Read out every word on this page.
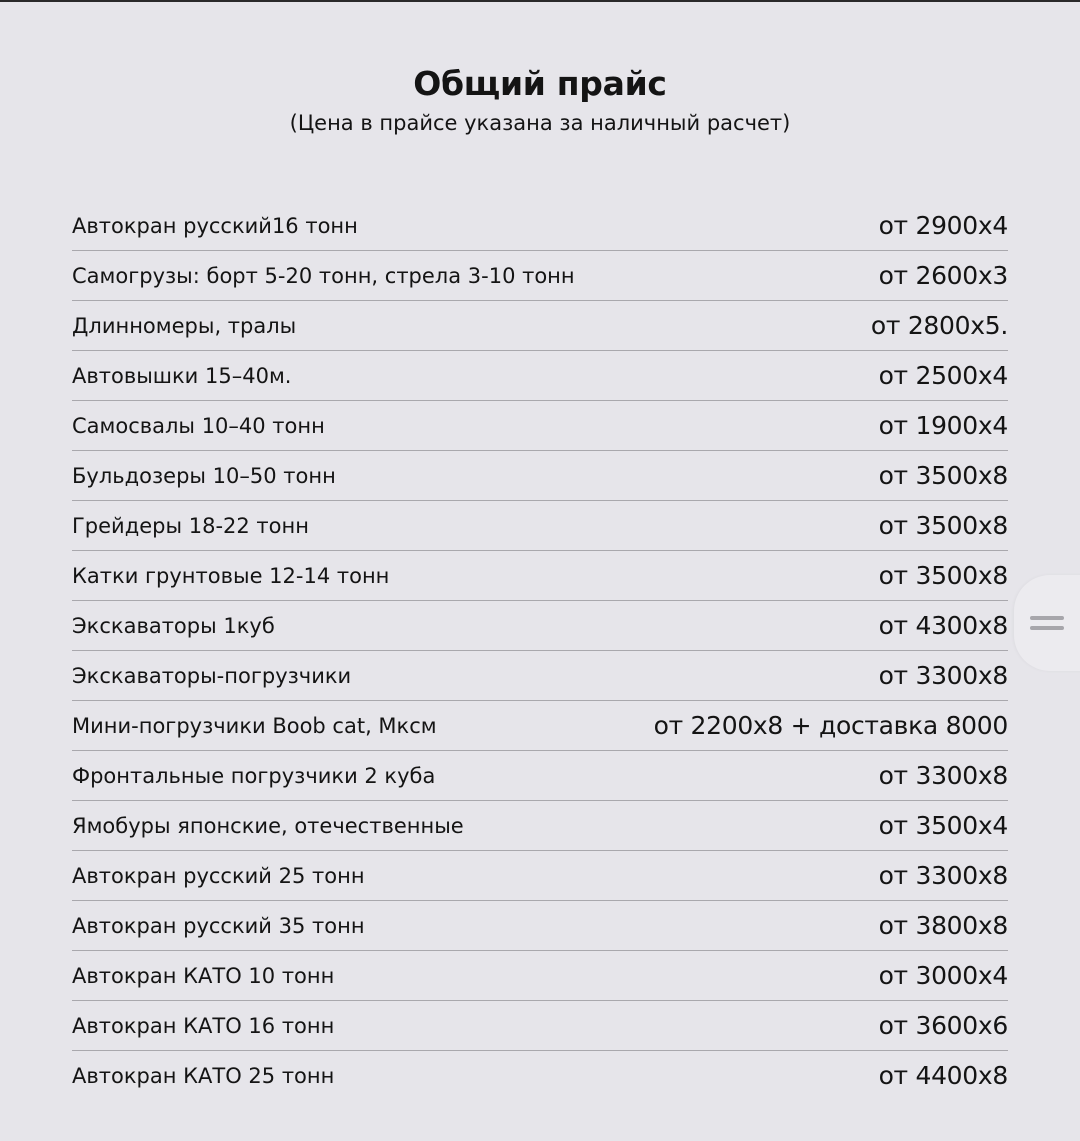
Общий прайс
(Цена в прайсе указана за наличный расчет)
Автокран русский16 тонн	от 2900х4
Самогрузы: борт 5-20 тонн, стрела 3-10 тонн	от 2600х3
Длинномеры, тралы	от 2800х5.
Автовышки 15–40м.	от 2500х4
Самосвалы 10–40 тонн	от 1900х4
Бульдозеры 10–50 тонн	от 3500х8
Грейдеры 18-22 тонн	от 3500х8
Катки грунтовые 12-14 тонн	от 3500х8
Экскаваторы 1куб	от 4300х8
Экскаваторы-погрузчики	от 3300х8
Мини-погрузчики Boob cat, Мксм	от 2200х8 + доставка 8000
Фронтальные погрузчики 2 куба	от 3300х8
Ямобуры японские, отечественные	от 3500х4
Автокран русский 25 тонн	от 3300х8
Автокран русский 35 тонн	от 3800х8
Автокран КАТО 10 тонн	от 3000х4
Автокран КАТО 16 тонн	от 3600х6
Автокран КАТО 25 тонн	от 4400х8
